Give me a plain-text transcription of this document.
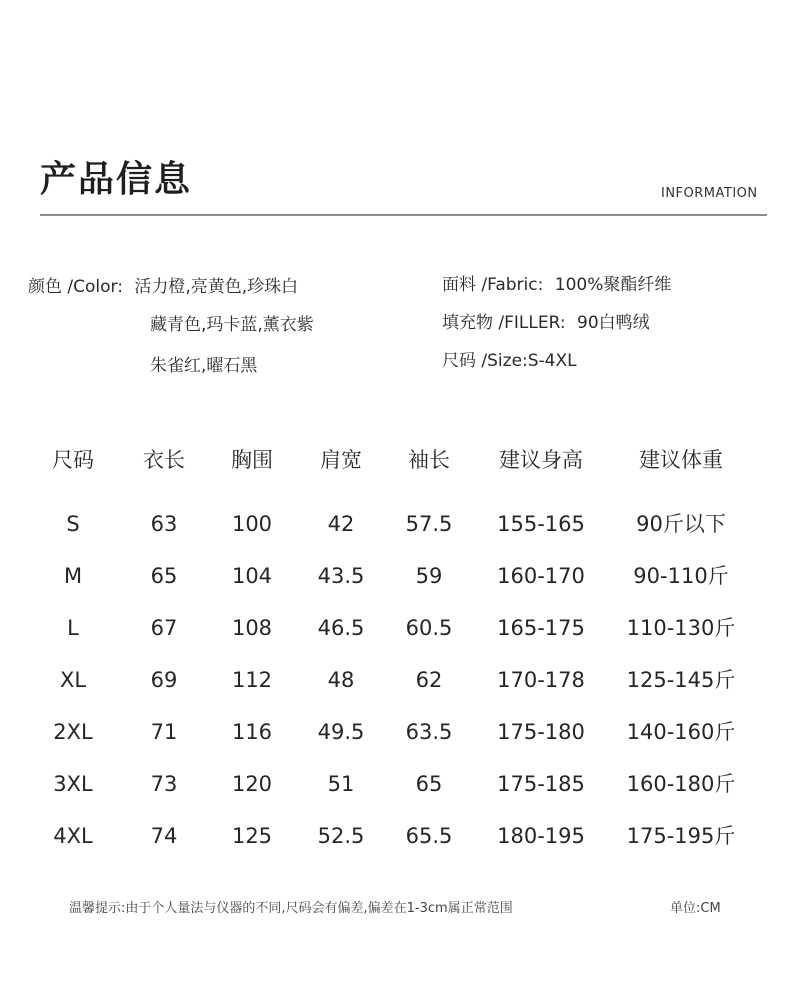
产品信息	INFORMATION
颜色 /Color: 活力橙,亮黄色,珍珠白
藏青色,玛卡蓝,薰衣紫
朱雀红,曜石黑
面料 /Fabric: 100%聚酯纤维
填充物 /FILLER: 90白鸭绒
尺码 /Size:S-4XL
尺码	衣长	胸围	肩宽	袖长	建议身高	建议体重
S	63	100	42	57.5	155-165	90斤以下
M	65	104	43.5	59	160-170	90-110斤
L	67	108	46.5	60.5	165-175	110-130斤
XL	69	112	48	62	170-178	125-145斤
2XL	71	116	49.5	63.5	175-180	140-160斤
3XL	73	120	51	65	175-185	160-180斤
4XL	74	125	52.5	65.5	180-195	175-195斤
温馨提示:由于个人量法与仪器的不同,尺码会有偏差,偏差在1-3cm属正常范围	单位:CM
